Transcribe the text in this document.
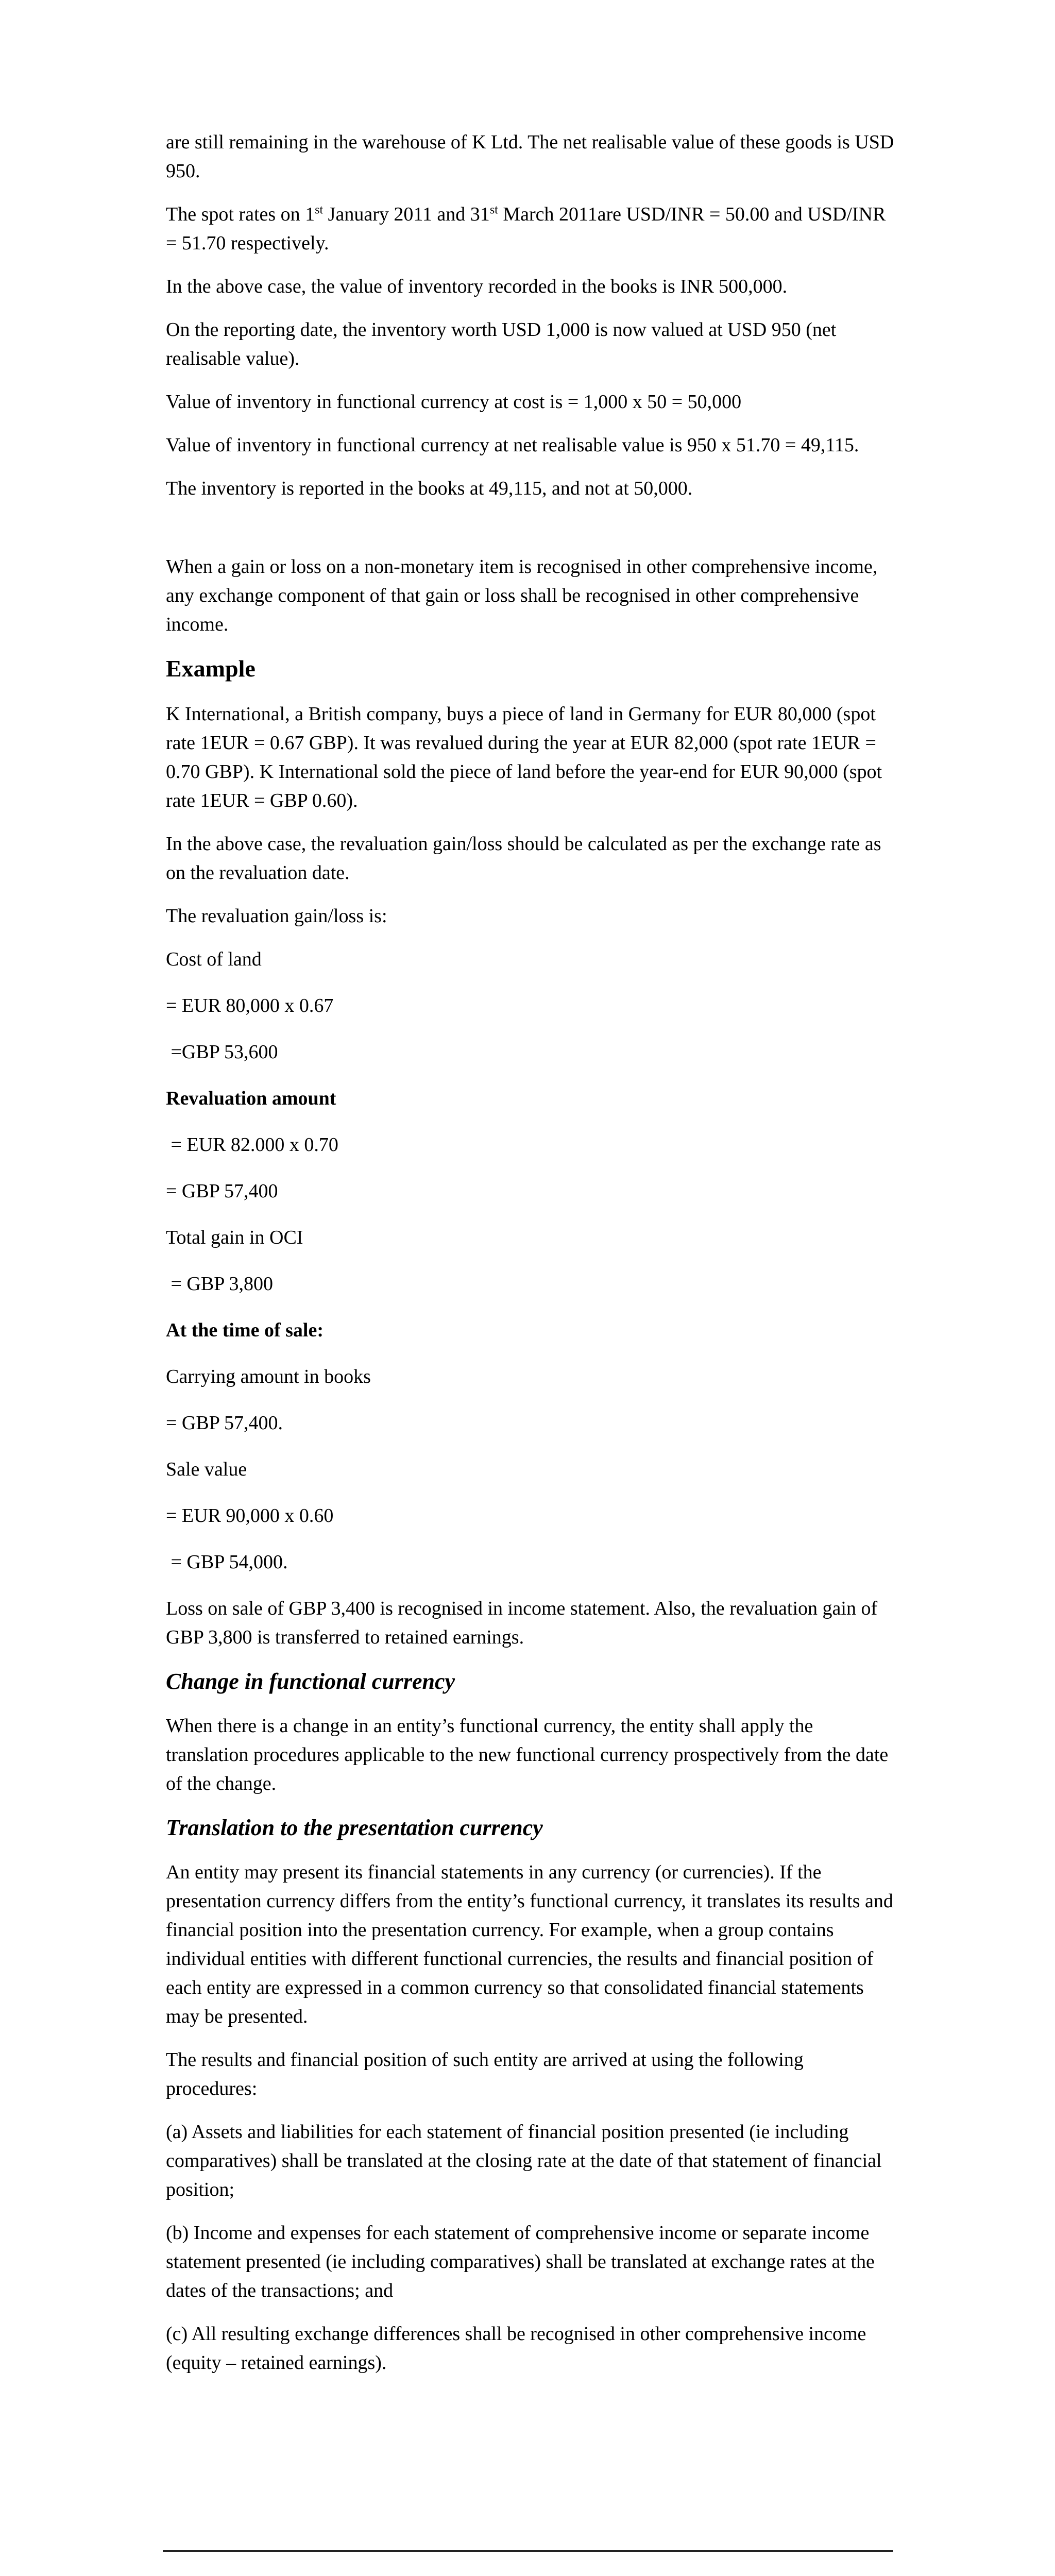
are still remaining in the warehouse of K Ltd. The net realisable value of these goods is USD 950.

The spot rates on 1st January 2011 and 31st March 2011are USD/INR = 50.00 and USD/INR = 51.70 respectively.

In the above case, the value of inventory recorded in the books is INR 500,000.

On the reporting date, the inventory worth USD 1,000 is now valued at USD 950 (net realisable value).

Value of inventory in functional currency at cost is = 1,000 x 50 = 50,000

Value of inventory in functional currency at net realisable value is 950 x 51.70 = 49,115.

The inventory is reported in the books at 49,115, and not at 50,000.

When a gain or loss on a non-monetary item is recognised in other comprehensive income, any exchange component of that gain or loss shall be recognised in other comprehensive income.

Example

K International, a British company, buys a piece of land in Germany for EUR 80,000 (spot rate 1EUR = 0.67 GBP). It was revalued during the year at EUR 82,000 (spot rate 1EUR = 0.70 GBP). K International sold the piece of land before the year-end for EUR 90,000 (spot rate 1EUR = GBP 0.60).

In the above case, the revaluation gain/loss should be calculated as per the exchange rate as on the revaluation date.

The revaluation gain/loss is:

Cost of land

= EUR 80,000 x 0.67

=GBP 53,600

Revaluation amount

= EUR 82.000 x 0.70

= GBP 57,400

Total gain in OCI

= GBP 3,800

At the time of sale:

Carrying amount in books

= GBP 57,400.

Sale value

= EUR 90,000 x 0.60

= GBP 54,000.

Loss on sale of GBP 3,400 is recognised in income statement. Also, the revaluation gain of GBP 3,800 is transferred to retained earnings.

Change in functional currency

When there is a change in an entity’s functional currency, the entity shall apply the translation procedures applicable to the new functional currency prospectively from the date of the change.

Translation to the presentation currency

An entity may present its financial statements in any currency (or currencies). If the presentation currency differs from the entity’s functional currency, it translates its results and financial position into the presentation currency. For example, when a group contains individual entities with different functional currencies, the results and financial position of each entity are expressed in a common currency so that consolidated financial statements may be presented.

The results and financial position of such entity are arrived at using the following procedures:

(a) Assets and liabilities for each statement of financial position presented (ie including comparatives) shall be translated at the closing rate at the date of that statement of financial position;

(b) Income and expenses for each statement of comprehensive income or separate income statement presented (ie including comparatives) shall be translated at exchange rates at the dates of the transactions; and

(c) All resulting exchange differences shall be recognised in other comprehensive income (equity – retained earnings).
